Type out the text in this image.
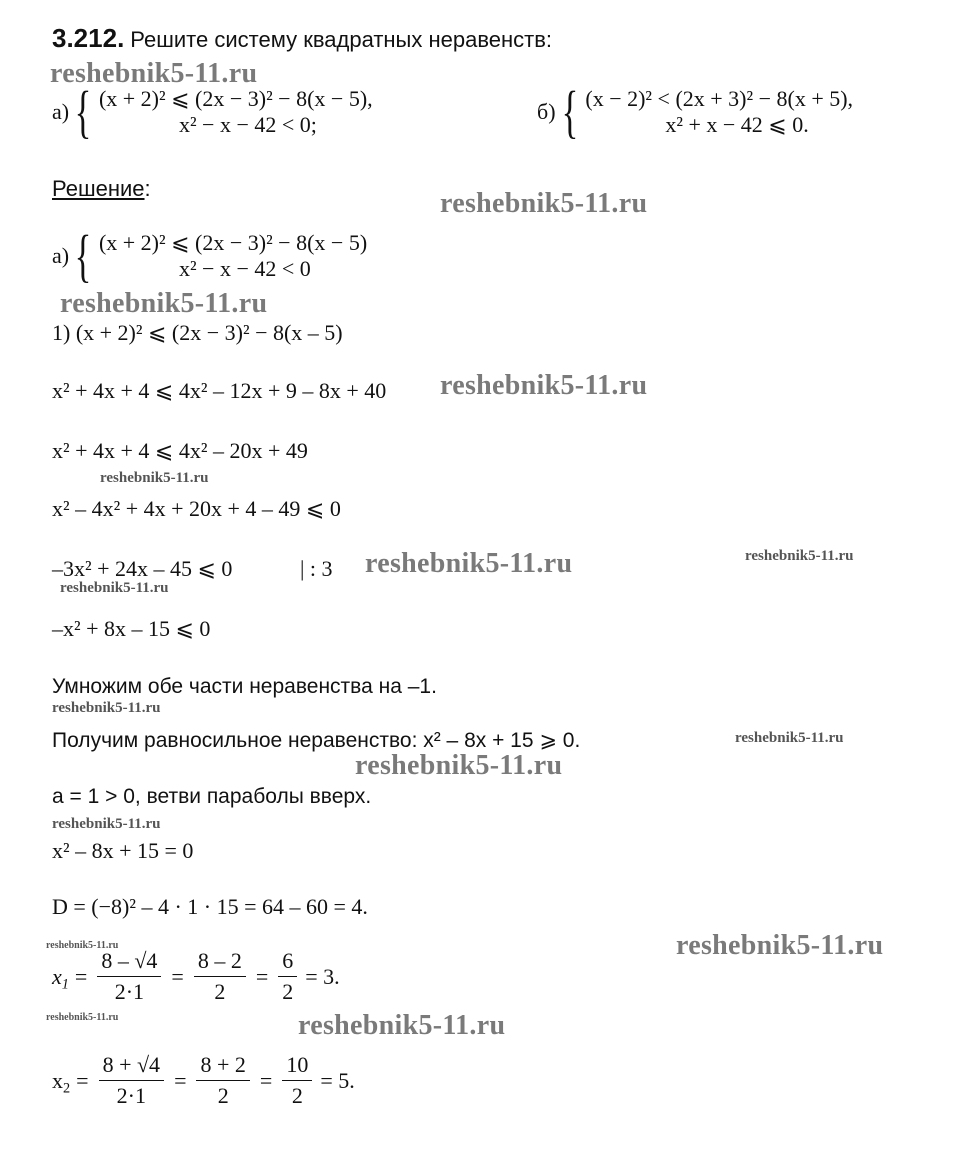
3.212. Решите систему квадратных неравенств:
reshebnik5-11.ru
а) { (x + 2)² ⩽ (2x − 3)² − 8(x − 5),
x² − x − 42 < 0;
б) { (x − 2)² < (2x + 3)² − 8(x + 5),
x² + x − 42 ⩽ 0.
Решение:	reshebnik5-11.ru
а) { (x + 2)² ⩽ (2x − 3)² − 8(x − 5)
x² − x − 42 < 0
reshebnik5-11.ru
1) (x + 2)² ⩽ (2x − 3)² − 8(x – 5)
x² + 4x + 4 ⩽ 4x² – 12x + 9 – 8x + 40 reshebnik5-11.ru
x² + 4x + 4 ⩽ 4x² – 20x + 49
reshebnik5-11.ru
x² – 4x² + 4x + 20x + 4 – 49 ⩽ 0
–3x² + 24x – 45 ⩽ 0	| : 3 reshebnik5-11.ru	reshebnik5-11.ru
reshebnik5-11.ru
–x² + 8x – 15 ⩽ 0
Умножим обе части неравенства на –1.
reshebnik5-11.ru
Получим равносильное неравенство: x² – 8x + 15 ⩾ 0.	reshebnik5-11.ru
reshebnik5-11.ru
a = 1 > 0, ветви параболы вверх.
reshebnik5-11.ru
x² – 8x + 15 = 0
D = (−8)² – 4 · 1 · 15 = 64 – 60 = 4.
reshebnik5-11.ru
reshebnik5-11.ru
$x_1 = \frac{8 - √4}{2\cdot 1} = \frac{8 - 2}{2} = \frac{6}{2} = 3$.
reshebnik5-11.ru	reshebnik5-11.ru
$x_2 = \frac{8 + √4}{2\cdot 1} = \frac{8 + 2}{2} = \frac{10}{2} = 5$.
